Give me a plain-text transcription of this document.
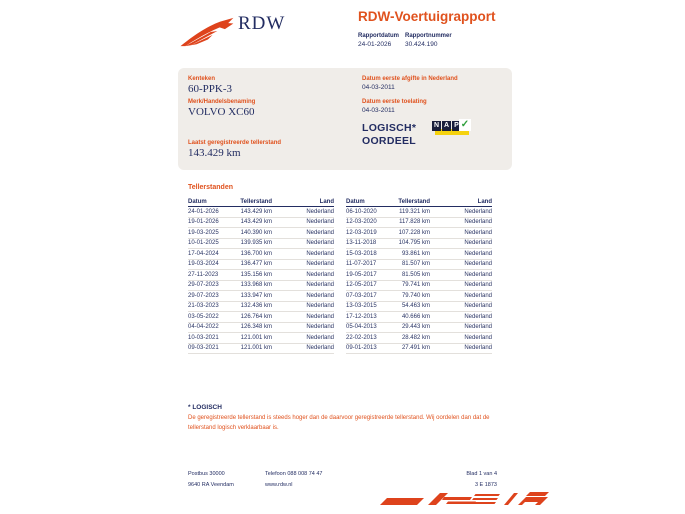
RDW	RDW-Voertuigrapport
Rapportdatum
24-01-2026
Rapportnummer
30.424.190
Kenteken
60-PPK-3
Merk/Handelsbenaming
VOLVO XC60
Laatst geregistreerde tellerstand
143.429 km
Datum eerste afgifte in Nederland
04-03-2011
Datum eerste toelating
04-03-2011
LOGISCH*
OORDEEL
N A P ✓
Tellerstanden
Datum	Tellerstand	Land
24-01-2026	143.429 km	Nederland
19-01-2026	143.429 km	Nederland
19-03-2025	140.390 km	Nederland
10-01-2025	139.935 km	Nederland
17-04-2024	136.700 km	Nederland
19-03-2024	136.477 km	Nederland
27-11-2023	135.156 km	Nederland
29-07-2023	133.968 km	Nederland
29-07-2023	133.947 km	Nederland
21-03-2023	132.436 km	Nederland
03-05-2022	126.764 km	Nederland
04-04-2022	126.348 km	Nederland
10-03-2021	121.001 km	Nederland
09-03-2021	121.001 km	Nederland
Datum	Tellerstand	Land
06-10-2020	119.321 km	Nederland
12-03-2020	117.828 km	Nederland
12-03-2019	107.228 km	Nederland
13-11-2018	104.795 km	Nederland
15-03-2018	93.861 km	Nederland
11-07-2017	81.507 km	Nederland
19-05-2017	81.505 km	Nederland
12-05-2017	79.741 km	Nederland
07-03-2017	79.740 km	Nederland
13-03-2015	54.463 km	Nederland
17-12-2013	40.666 km	Nederland
05-04-2013	29.443 km	Nederland
22-02-2013	28.482 km	Nederland
09-01-2013	27.491 km	Nederland
* LOGISCH
De geregistreerde tellerstand is steeds hoger dan de daarvoor geregistreerde tellerstand. Wij oordelen dan dat de tellerstand logisch verklaarbaar is.
Postbus 30000
9640 RA Veendam
Telefoon 088 008 74 47
www.rdw.nl
Blad 1 van 4
3 E 1873
